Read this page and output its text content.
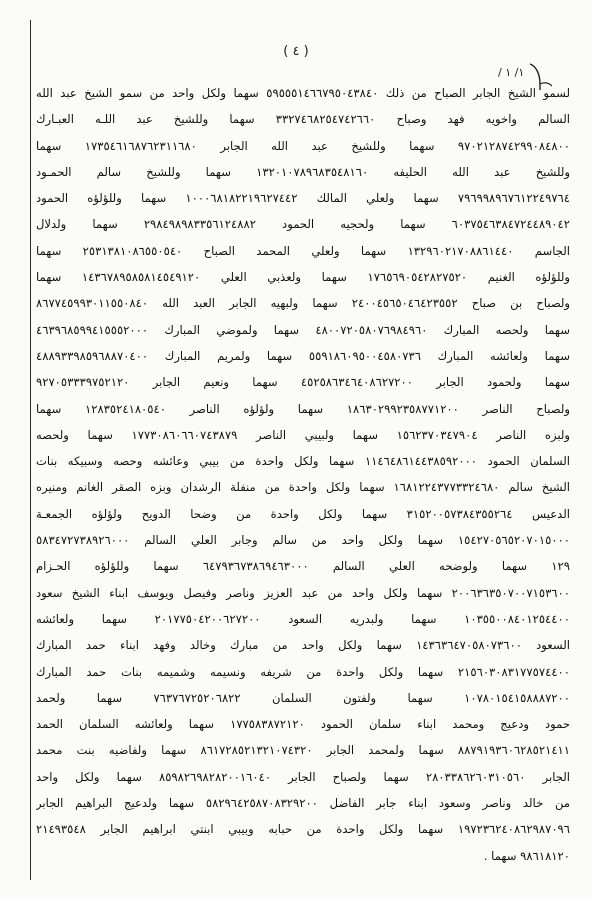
( ٤ )
/ ١/ ١
لسمو الشيخ الجابر الصباح من ذلك ٥٩٥٥٥١٤٦٦٧٩٥٠٤٣٨٤٠ سهما ولكل واحد من سمو الشيخ عبد الله
السالم واخويه فهد وصباح ٣٣٢٧٤٦٨٢٥٤٧٤٢٦٦٠ سهما وللشيخ عبد اللـه العبـارك
٩٧٠٢١٢٨٧٤٢٩٩٠٨٤٨٠٠ سهما وللشيخ عبد الله الجابر ١٧٣٥٤٦١٦٨٧٦٢٣١١٦٨٠ سهما
وللشيخ عبد الله الحليفه ١٣٢٠١٠٧٨٩٦٨٣٥٤٨١٦٠ سهما وللشيخ سالم الحمـود
٧٩٦٩٩٨٩٦٧٦١٢٢٤٩٧٦٤ سهما ولعلي المالك ١٠٠٠٦٨١٨٢٢١٩٦٢٧٤٤٢ سهما وللؤلؤه الحمود
٦٠٣٧٥٤٦٣٨٤٧٢٤٤٨٩٠٤٢ سهما ولحجيه الحمود ٢٩٨٤٩٨٩٨٣٣٥٦١٢٤٨٨٢ سهما ولدلال
الجاسم ١٣٢٩٦٠٢١٧٠٨٨٦١٤٤٠ سهما ولعلي المحمد الصباح ٢٥٣١٣٨١٠٨٦٥٥٠٥٤٠ سهما
وللؤلؤه الغنيم ١٧٦٥٦٩٠٥٤٢٨٢٧٥٢٠ سهما ولعذبي العلي ١٤٣٦٧٨٩٥٨٥٨١٤٥٤٩١٢٠ سهما
ولصباح بن صباح ٢٤٠٠٤٥٦٥٠٤٦٤٢٣٥٥٢ سهما ولبهيه الجابر العبد الله ٨٦٧٧٤٥٩٩٣٠١١٥٥٠٨٤٠
سهما ولحصه المبارك ٤٨٠٠٧٢٠٥٨٠٧٦٩٨٤٩٦٠ سهما ولموضي المبارك ٤٦٣٩٦٨٥٩٩٤١٥٥٥٢٠٠٠
سهما ولعائشه المبارك ٥٥٩١٨٦٠٩٥٠٠٤٥٨٠٧٣٦ سهما ولمريم المبارك ٤٨٨٩٣٣٩٨٥٩٦٨٨٧٠٤٠٠
سهما ولحمود الجابر ٤٥٢٥٨٦٣٤٦٤٠٨٦٢٧٢٠٠ سهما ونعيم الجابر ٩٢٧٠٥٣٣٣٩٧٥٢١٢٠
ولصباح الناصر ١٨٦٣٠٢٩٩٢٣٥٨٧٧١٢٠٠ سهما ولؤلؤه الناصر ١٢٨٣٥٢٤١٨٠٥٤٠ سهما
ولبزه الناصر ١٥٦٢٣٧٠٣٤٧٩٠٤ سهما ولبيبي الناصر ١٧٧٣٠٨٦٠٦٦٠٧٤٣٨٧٩ سهما ولحصه
السلمان الحمود ١١٤٦٤٨٦١٤٤٣٨٥٩٢٠٠٠ سهما ولكل واحدة من بيبي وعائشه وحصه وسبيكه بنات
الشيخ سالم ١٦٨١٢٢٤٣٧٧٣٣٢٤٦٨٠ سهما ولكل واحدة من منفلة الرشدان وبزه الصقر الغانم ومنيره
الدعيس ٣١٥٢٠٠٥٧٣٨٤٣٥٥٢٦٤ سهما ولكل واحدة من وضحا الدويح ولؤلؤه الجمعـة
١٥٤٢٧٠٥٦٥٢٠٧٠١٥٠٠٠ سهما ولكل واحد من سالم وجابر العلي السالم ٥٨٣٤٧٢٧٣٨٩٢٦٠٠٠
١٢٩ سهما ولوضحه العلي السالم ٦٤٧٩٣٦٧٣٨٦٩٤٦٣٠٠٠ سهما وللؤلؤه الحـزام
٢٠٠٦٣٦٣٥٠٧٠٠٧١٥٣٦٠٠ سهما ولكل واحد من عبد العزيز وناصر وفيصل ويوسف ابناء الشيخ سعود
١٠٣٥٥٠٠٨٤٠١٢٥٤٤٠٠ سهما ولبدريه السعود ٢٠١٧٧٥٠٤٢٠٠٦٢٧٢٠٠ سهما ولعائشه
السعود ١٤٣٦٣٦٤٧٠٥٨٠٧٣٦٠٠ سهما ولكل واحد من مبارك وخالد وفهد ابناء حمد المبارك
٢١٥٦٠٣٠٨٣١٧٧٥٧٤٤٠٠ سهما ولكل واحدة من شريفه ونسيمه وشميمه بنات حمد المبارك
١٠٧٨٠١٥٤١٥٨٨٨٧٢٠٠ سهما ولفتون السلمان ٧٦٣٧٦٧٢٥٢٠٦٨٢٢ سهما ولحمد
حمود ودعيج ومحمد ابناء سلمان الحمود ١٧٧٥٨٣٨٧٢١٢٠ سهما ولعائشه السلمان الحمد
٨٨٧٩١٩٣٦٠٦٢٨٥٢١٤١١ سهما ولمحمد الجابر ٨٦١٧٢٨٥٢١٣٢١٠٧٤٣٢٠ سهما ولفاضيه بنت محمد
الجابر ٢٨٠٣٣٨٦٢٦٠٣١٠٥٦٠ سهما ولصباح الجابر ٨٥٩٨٢٦٩٨٢٨٢٠٠١٦٠٤٠ سهما ولكل واحد
من خالد وناصر وسعود ابناء جابر الفاضل ٥٨٢٩٦٤٢٥٨٧٠٨٣٢٩٢٠٠ سهما ولدعيج البراهيم الجابر
١٩٧٢٣٦٢٤٠٨٦٢٩٨٧٠٩٦ سهما ولكل واحدة من حبابه وبيبي ابنتي ابراهيم الجابر ٢١٤٩٣٥٤٨
٩٨٦١٨١٢٠ سهما .
